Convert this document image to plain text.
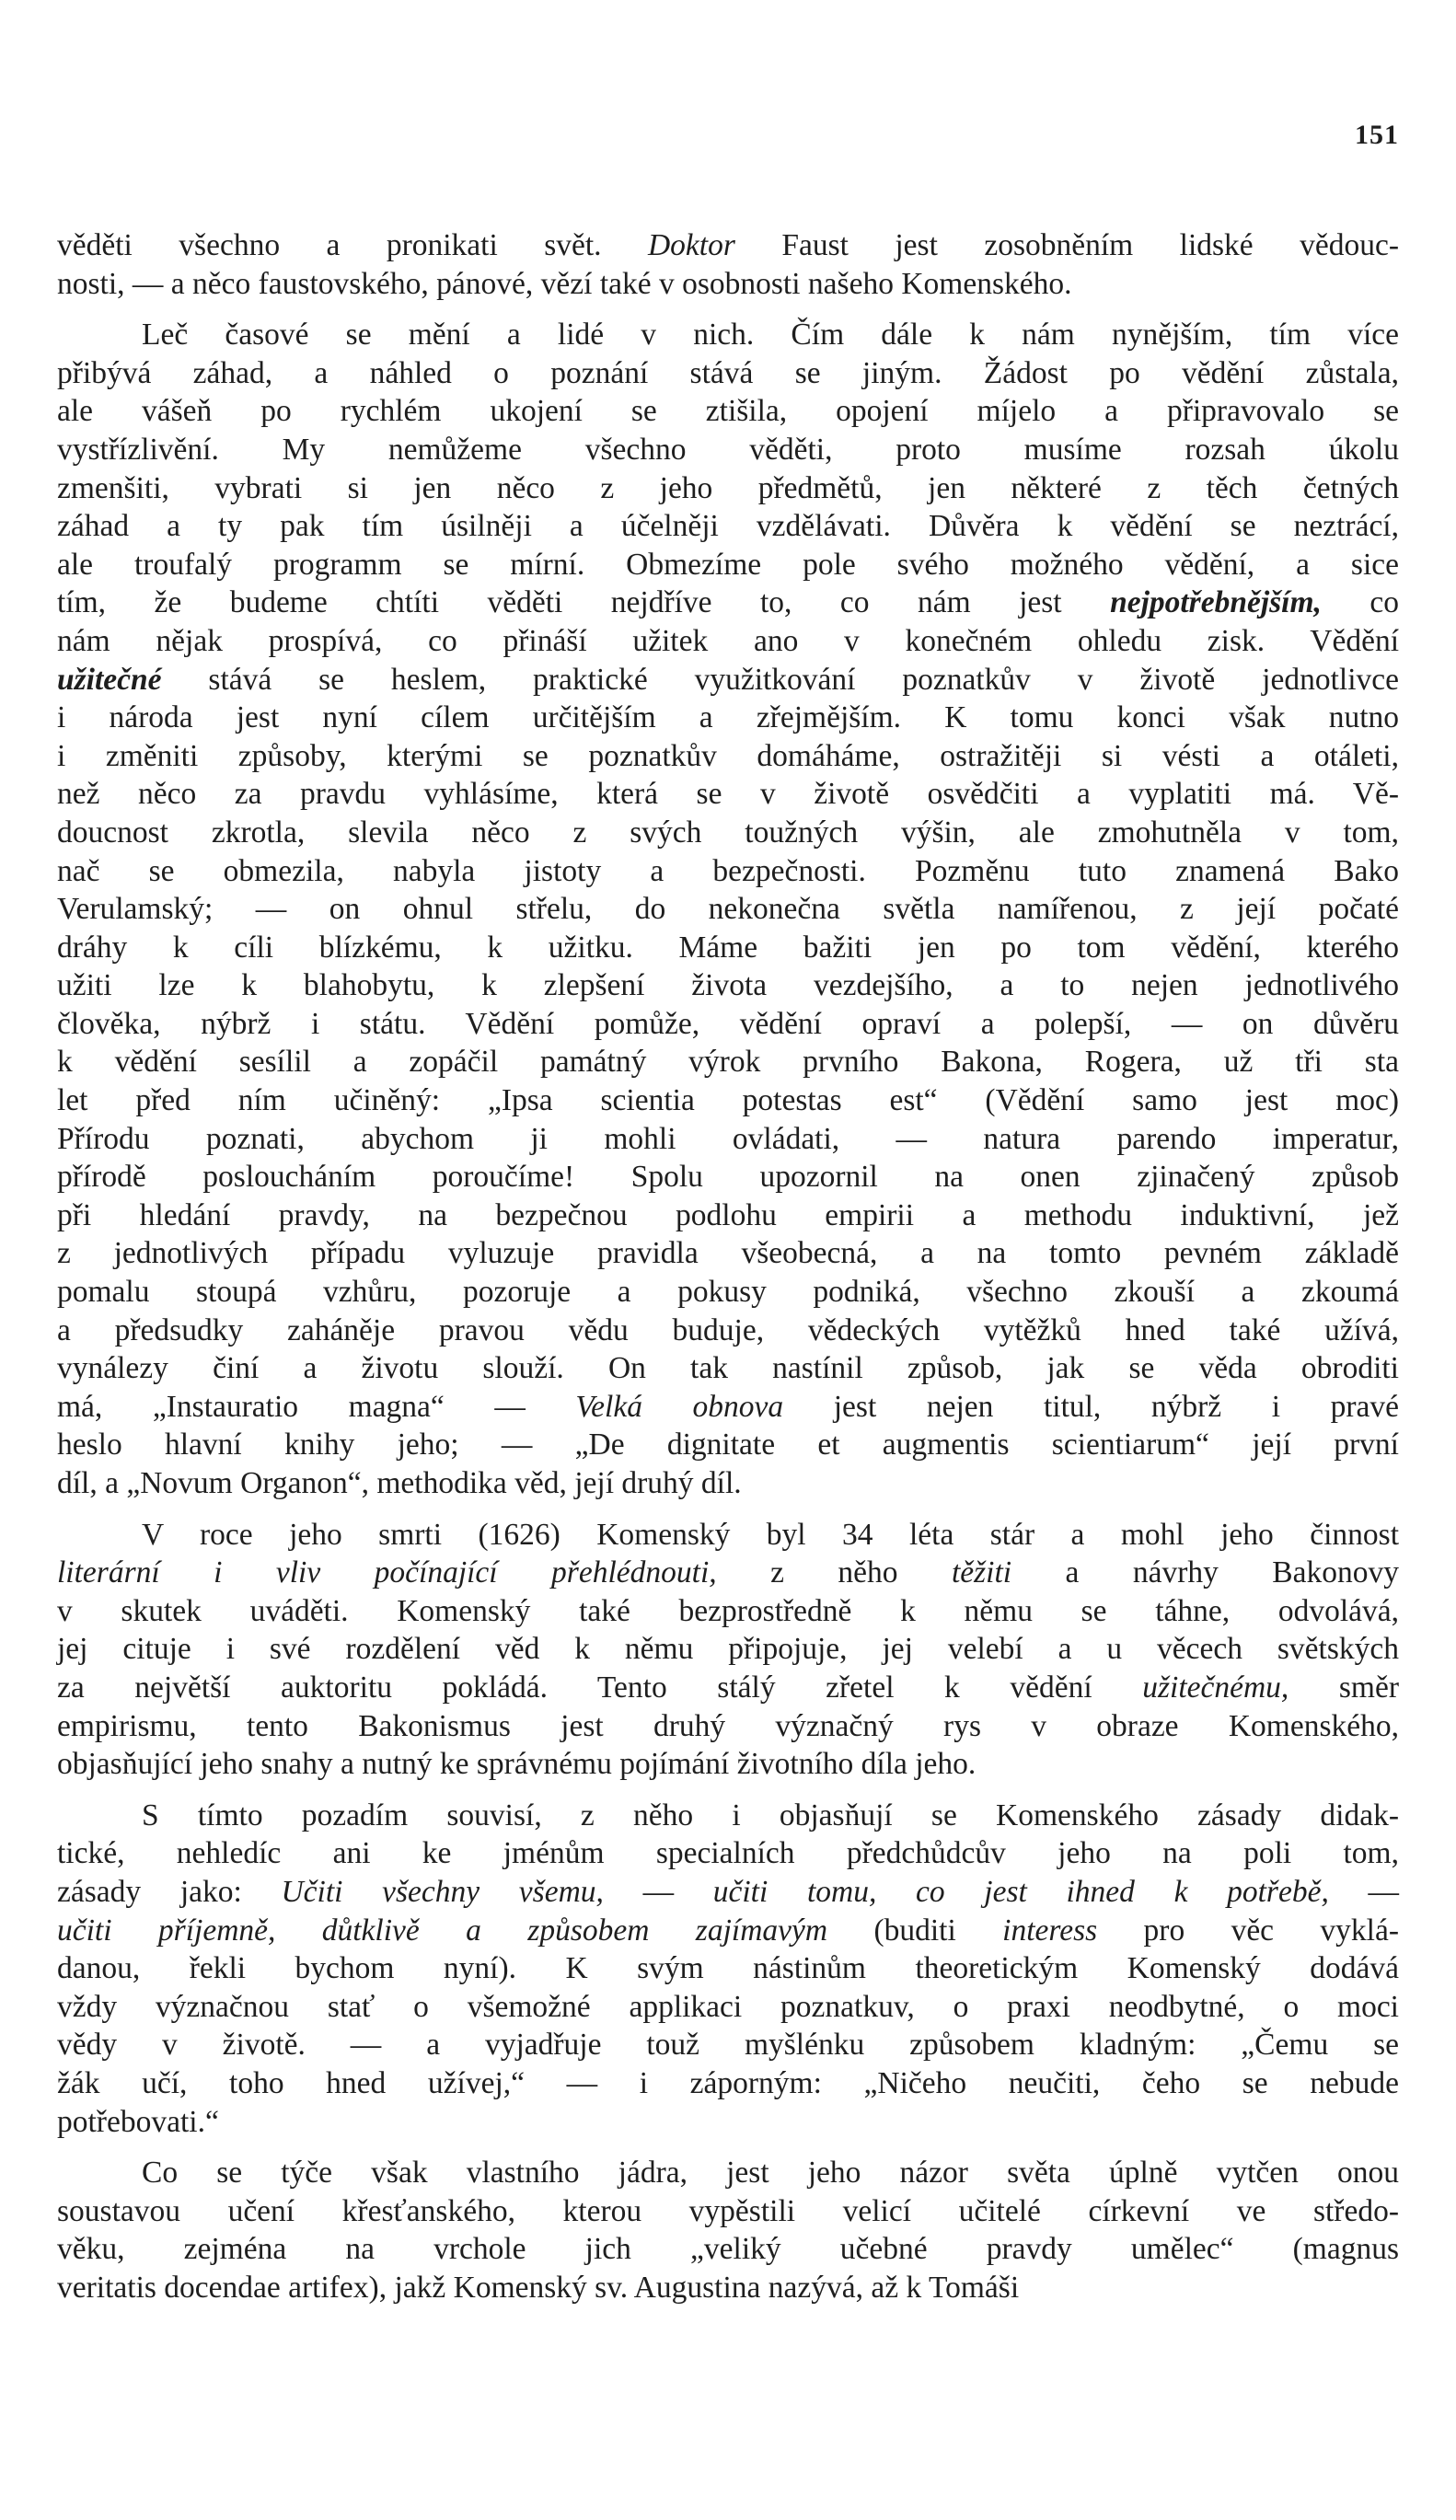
151
věděti všechno a pronikati svět. Doktor Faust jest zosobněním lidské vědouc-
nosti, — a něco faustovského, pánové, vězí také v osobnosti našeho Komenského.
Leč časové se mění a lidé v nich. Čím dále k nám nynějším, tím více
přibývá záhad, a náhled o poznání stává se jiným. Žádost po vědění zůstala,
ale vášeň po rychlém ukojení se ztišila, opojení míjelo a připravovalo se
vystřízlivění. My nemůžeme všechno věděti, proto musíme rozsah úkolu
zmenšiti, vybrati si jen něco z jeho předmětů, jen některé z těch četných
záhad a ty pak tím úsilněji a účelněji vzdělávati. Důvěra k vědění se neztrácí,
ale troufalý programm se mírní. Obmezíme pole svého možného vědění, a sice
tím, že budeme chtíti věděti nejdříve to, co nám jest nejpotřebnějším, co
nám nějak prospívá, co přináší užitek ano v konečném ohledu zisk. Vědění
užitečné stává se heslem, praktické využitkování poznatkův v životě jednotlivce
i národa jest nyní cílem určitějším a zřejmějším. K tomu konci však nutno
i změniti způsoby, kterými se poznatkův domáháme, ostražitěji si vésti a otáleti,
než něco za pravdu vyhlásíme, která se v životě osvědčiti a vyplatiti má. Vě-
doucnost zkrotla, slevila něco z svých toužných výšin, ale zmohutněla v tom,
nač se obmezila, nabyla jistoty a bezpečnosti. Pozměnu tuto znamená Bako
Verulamský; — on ohnul střelu, do nekonečna světla namířenou, z její počaté
dráhy k cíli blízkému, k užitku. Máme bažiti jen po tom vědění, kterého
užiti lze k blahobytu, k zlepšení života vezdejšího, a to nejen jednotlivého
člověka, nýbrž i státu. Vědění pomůže, vědění opraví a polepší, — on důvěru
k vědění sesílil a zopáčil památný výrok prvního Bakona, Rogera, už tři sta
let před ním učiněný: „Ipsa scientia potestas est“ (Vědění samo jest moc)
Přírodu poznati, abychom ji mohli ovládati, — natura parendo imperatur,
přírodě posloucháním poroučíme! Spolu upozornil na onen zjinačený způsob
při hledání pravdy, na bezpečnou podlohu empirii a methodu induktivní, jež
z jednotlivých případu vyluzuje pravidla všeobecná, a na tomto pevném základě
pomalu stoupá vzhůru, pozoruje a pokusy podniká, všechno zkouší a zkoumá
a předsudky zaháněje pravou vědu buduje, vědeckých vytěžků hned také užívá,
vynálezy činí a životu slouží. On tak nastínil způsob, jak se věda obroditi
má, „Instauratio magna“ — Velká obnova jest nejen titul, nýbrž i pravé
heslo hlavní knihy jeho; — „De dignitate et augmentis scientiarum“ její první
díl, a „Novum Organon“, methodika věd, její druhý díl.
V roce jeho smrti (1626) Komenský byl 34 léta stár a mohl jeho činnost
literární i vliv počínající přehlédnouti, z něho těžiti a návrhy Bakonovy
v skutek uváděti. Komenský také bezprostředně k němu se táhne, odvolává,
jej cituje i své rozdělení věd k němu připojuje, jej velebí a u věcech světských
za největší auktoritu pokládá. Tento stálý zřetel k vědění užitečnému, směr
empirismu, tento Bakonismus jest druhý význačný rys v obraze Komenského,
objasňující jeho snahy a nutný ke správnému pojímání životního díla jeho.
S tímto pozadím souvisí, z něho i objasňují se Komenského zásady didak-
tické, nehledíc ani ke jménům specialních předchůdcův jeho na poli tom,
zásady jako: Učiti všechny všemu, — učiti tomu, co jest ihned k potřebě, —
učiti příjemně, důtklivě a způsobem zajímavým (buditi interess pro věc vyklá-
danou, řekli bychom nyní). K svým nástinům theoretickým Komenský dodává
vždy význačnou stať o všemožné applikaci poznatkuv, o praxi neodbytné, o moci
vědy v životě. — a vyjadřuje touž myšlénku způsobem kladným: „Čemu se
žák učí, toho hned užívej,“ — i záporným: „Ničeho neučiti, čeho se nebude
potřebovati.“
Co se týče však vlastního jádra, jest jeho názor světa úplně vytčen onou
soustavou učení křesťanského, kterou vypěstili velicí učitelé církevní ve středo-
věku, zejména na vrchole jich „veliký učebné pravdy umělec“ (magnus
veritatis docendae artifex), jakž Komenský sv. Augustina nazývá, až k Tomáši
